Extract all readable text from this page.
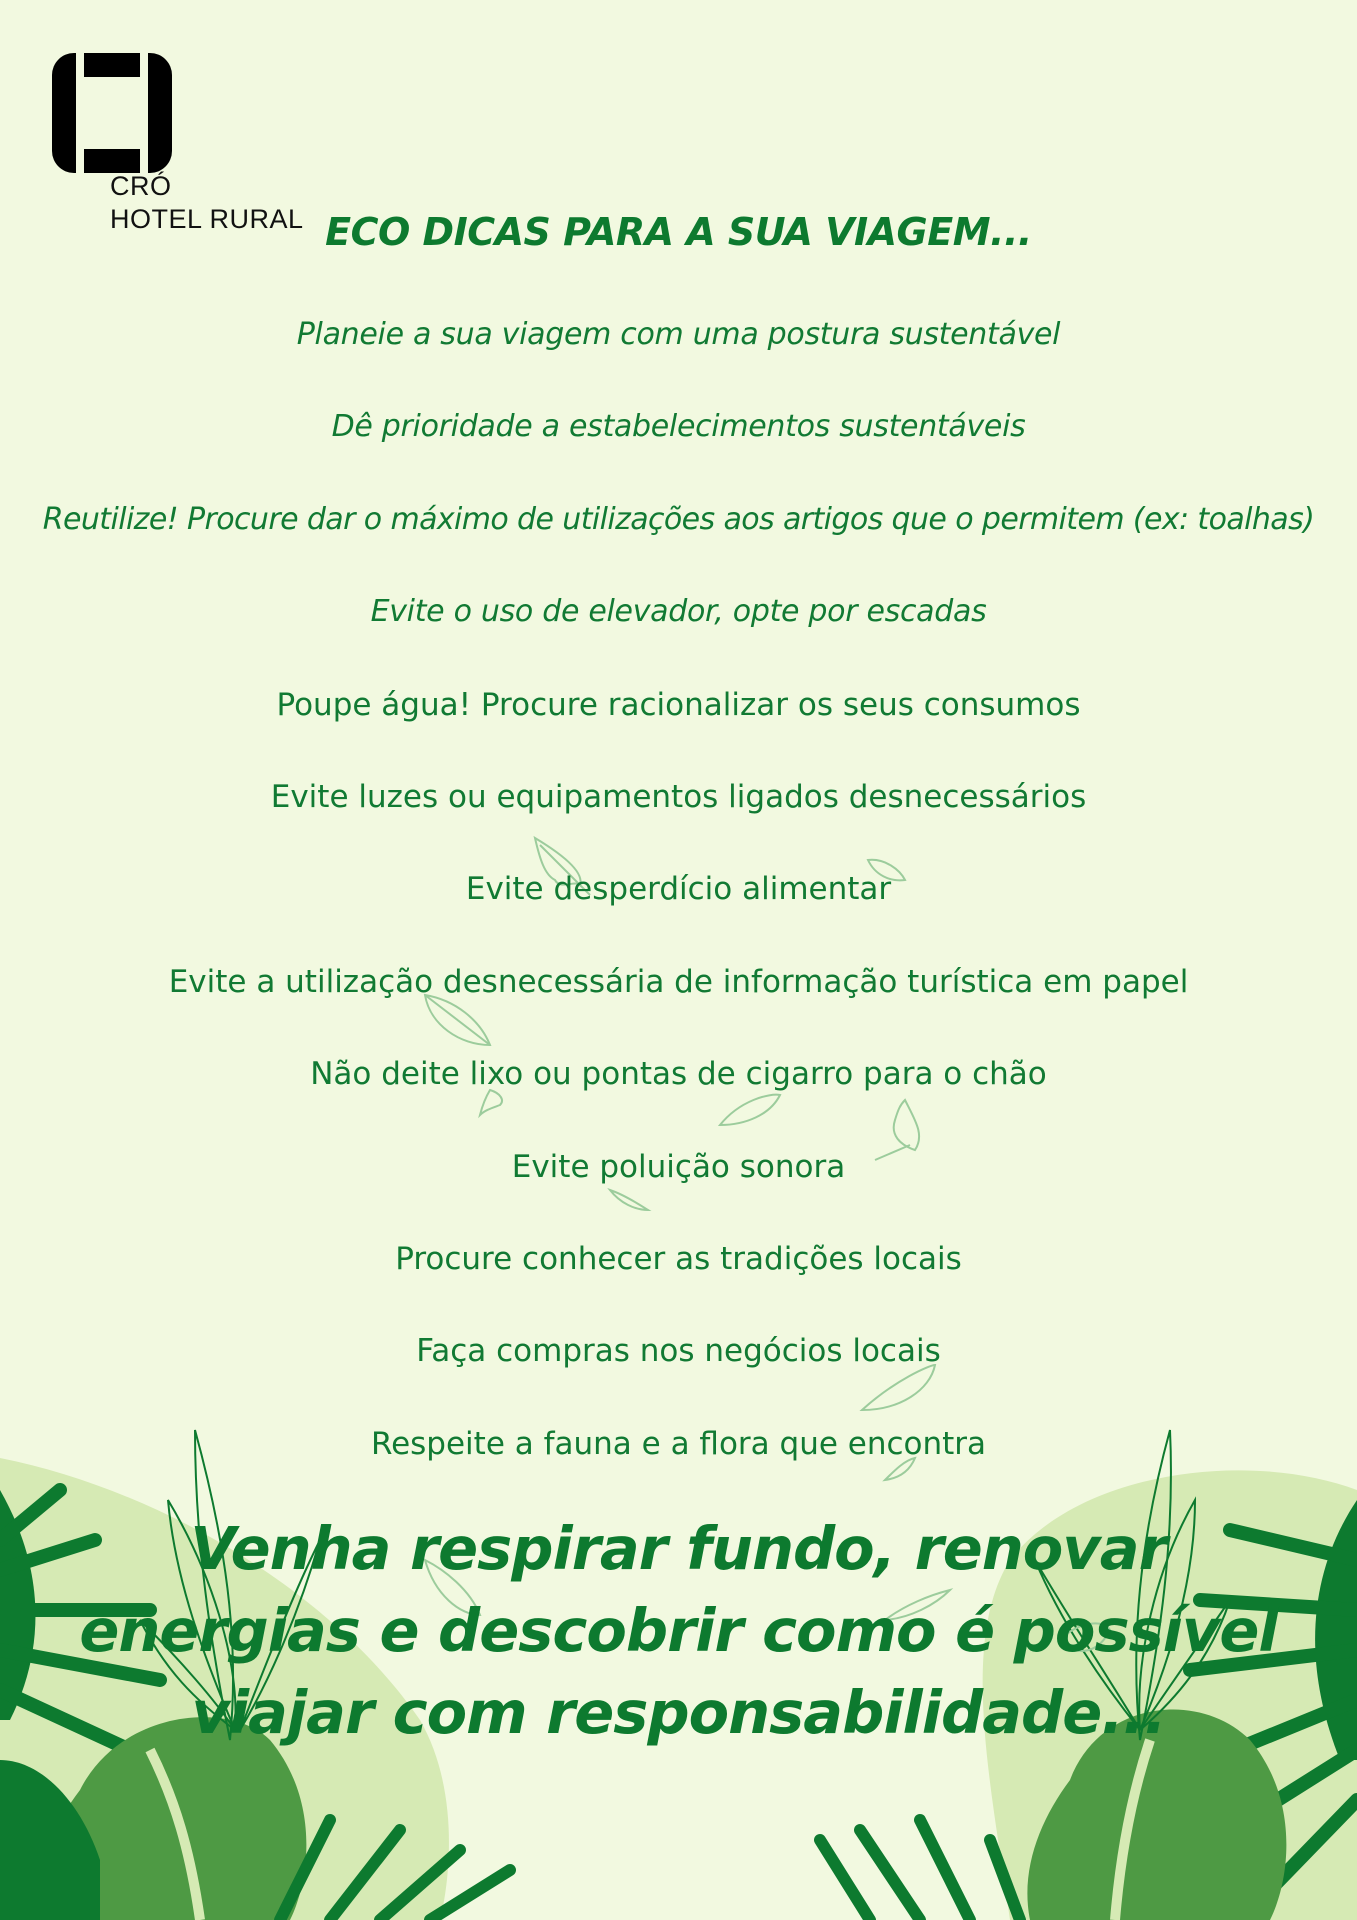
CRÓ
HOTEL RURAL ECO DICAS PARA A SUA VIAGEM...
Planeie a sua viagem com uma postura sustentável
Dê prioridade a estabelecimentos sustentáveis
Reutilize! Procure dar o máximo de utilizações aos artigos que o permitem (ex: toalhas)
Evite o uso de elevador, opte por escadas
Poupe água! Procure racionalizar os seus consumos
Evite luzes ou equipamentos ligados desnecessários
Evite desperdício alimentar
Evite a utilização desnecessária de informação turística em papel
Não deite lixo ou pontas de cigarro para o chão
Evite poluição sonora
Procure conhecer as tradições locais
Faça compras nos negócios locais
Respeite a fauna e a flora que encontra
Venha respirar fundo, renovar
energias e descobrir como é possível
viajar com responsabilidade...
